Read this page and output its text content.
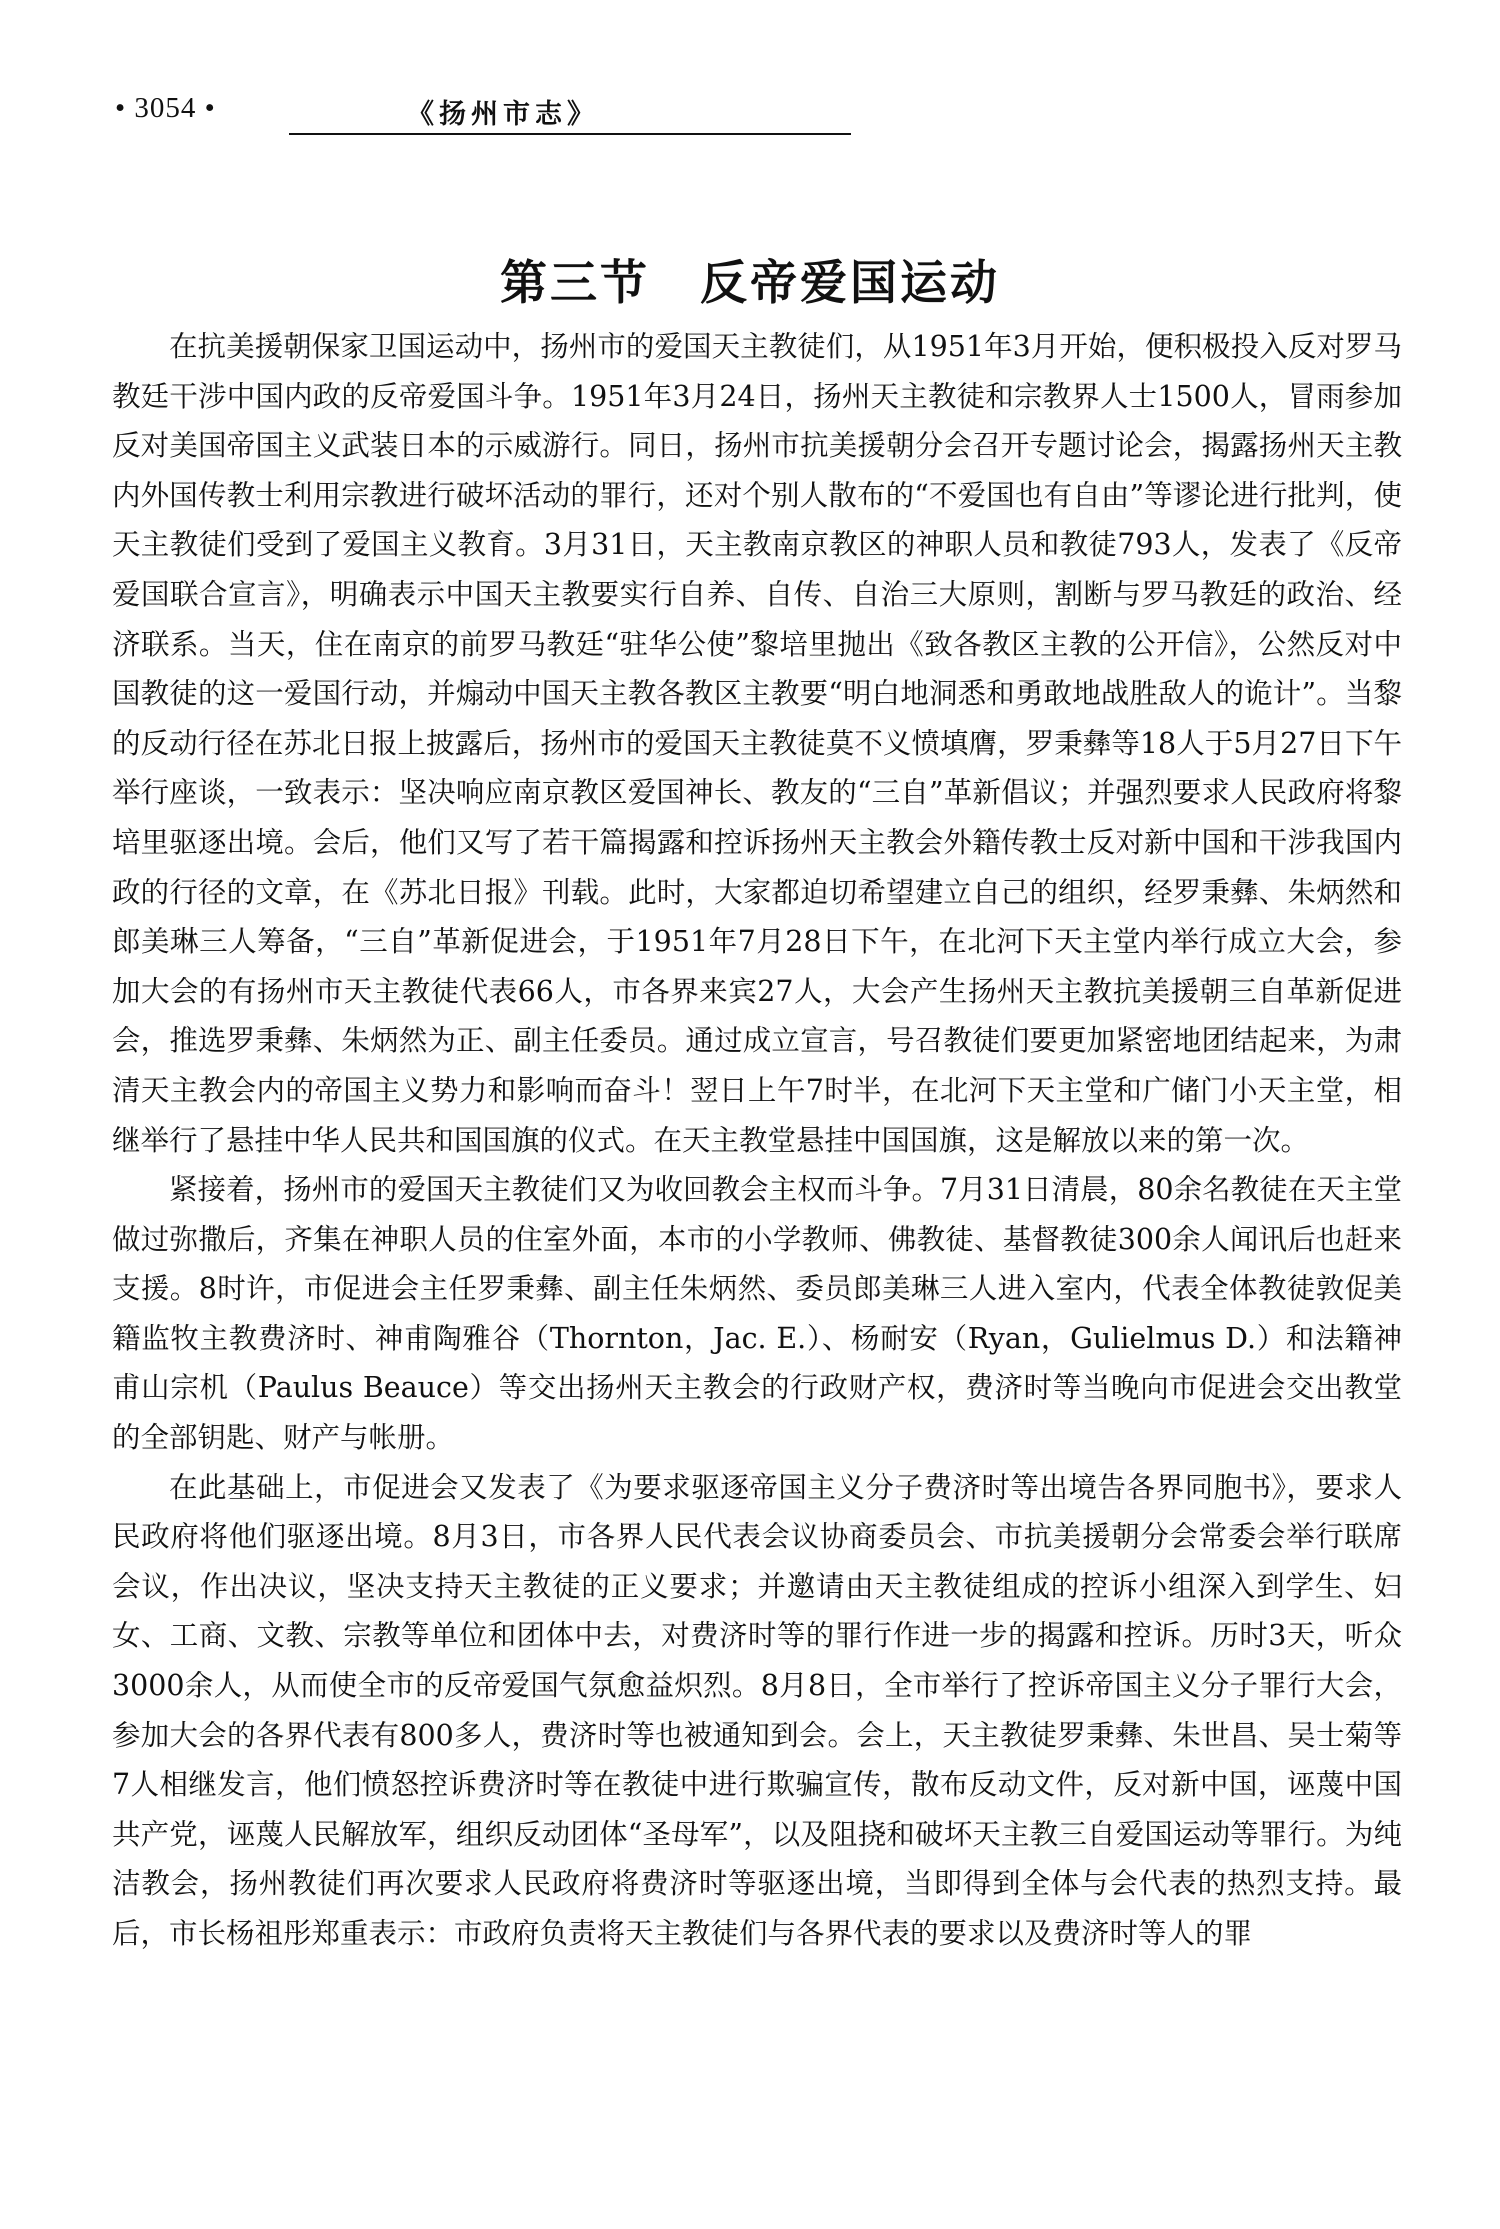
• 3054 •	《扬州市志》
第三节　反帝爱国运动

在抗美援朝保家卫国运动中，扬州市的爱国天主教徒们，从1951年3月开始，便积极投入反对罗马教廷干涉中国内政的反帝爱国斗争。1951年3月24日，扬州天主教徒和宗教界人士1500人，冒雨参加反对美国帝国主义武装日本的示威游行。同日，扬州市抗美援朝分会召开专题讨论会，揭露扬州天主教内外国传教士利用宗教进行破坏活动的罪行，还对个别人散布的“不爱国也有自由”等谬论进行批判，使天主教徒们受到了爱国主义教育。3月31日，天主教南京教区的神职人员和教徒793人，发表了《反帝爱国联合宣言》，明确表示中国天主教要实行自养、自传、自治三大原则，割断与罗马教廷的政治、经济联系。当天，住在南京的前罗马教廷“驻华公使”黎培里抛出《致各教区主教的公开信》，公然反对中国教徒的这一爱国行动，并煽动中国天主教各教区主教要“明白地洞悉和勇敢地战胜敌人的诡计”。当黎的反动行径在苏北日报上披露后，扬州市的爱国天主教徒莫不义愤填膺，罗秉彝等18人于5月27日下午举行座谈，一致表示：坚决响应南京教区爱国神长、教友的“三自”革新倡议；并强烈要求人民政府将黎培里驱逐出境。会后，他们又写了若干篇揭露和控诉扬州天主教会外籍传教士反对新中国和干涉我国内政的行径的文章，在《苏北日报》刊载。此时，大家都迫切希望建立自己的组织，经罗秉彝、朱炳然和郎美琳三人筹备，“三自”革新促进会，于1951年7月28日下午，在北河下天主堂内举行成立大会，参加大会的有扬州市天主教徒代表66人，市各界来宾27人，大会产生扬州天主教抗美援朝三自革新促进会，推选罗秉彝、朱炳然为正、副主任委员。通过成立宣言，号召教徒们要更加紧密地团结起来，为肃清天主教会内的帝国主义势力和影响而奋斗！翌日上午7时半，在北河下天主堂和广储门小天主堂，相继举行了悬挂中华人民共和国国旗的仪式。在天主教堂悬挂中国国旗，这是解放以来的第一次。

紧接着，扬州市的爱国天主教徒们又为收回教会主权而斗争。7月31日清晨，80余名教徒在天主堂做过弥撒后，齐集在神职人员的住室外面，本市的小学教师、佛教徒、基督教徒300余人闻讯后也赶来支援。8时许，市促进会主任罗秉彝、副主任朱炳然、委员郎美琳三人进入室内，代表全体教徒敦促美籍监牧主教费济时、神甫陶雅谷（Thornton，Jac. E.）、杨耐安（Ryan，Gulielmus D.）和法籍神甫山宗机（Paulus Beauce）等交出扬州天主教会的行政财产权，费济时等当晚向市促进会交出教堂的全部钥匙、财产与帐册。

在此基础上，市促进会又发表了《为要求驱逐帝国主义分子费济时等出境告各界同胞书》，要求人民政府将他们驱逐出境。8月3日，市各界人民代表会议协商委员会、市抗美援朝分会常委会举行联席会议，作出决议，坚决支持天主教徒的正义要求；并邀请由天主教徒组成的控诉小组深入到学生、妇女、工商、文教、宗教等单位和团体中去，对费济时等的罪行作进一步的揭露和控诉。历时3天，听众3000余人，从而使全市的反帝爱国气氛愈益炽烈。8月8日，全市举行了控诉帝国主义分子罪行大会，参加大会的各界代表有800多人，费济时等也被通知到会。会上，天主教徒罗秉彝、朱世昌、吴士菊等7人相继发言，他们愤怒控诉费济时等在教徒中进行欺骗宣传，散布反动文件，反对新中国，诬蔑中国共产党，诬蔑人民解放军，组织反动团体“圣母军”，以及阻挠和破坏天主教三自爱国运动等罪行。为纯洁教会，扬州教徒们再次要求人民政府将费济时等驱逐出境，当即得到全体与会代表的热烈支持。最后，市长杨祖彤郑重表示：市政府负责将天主教徒们与各界代表的要求以及费济时等人的罪
